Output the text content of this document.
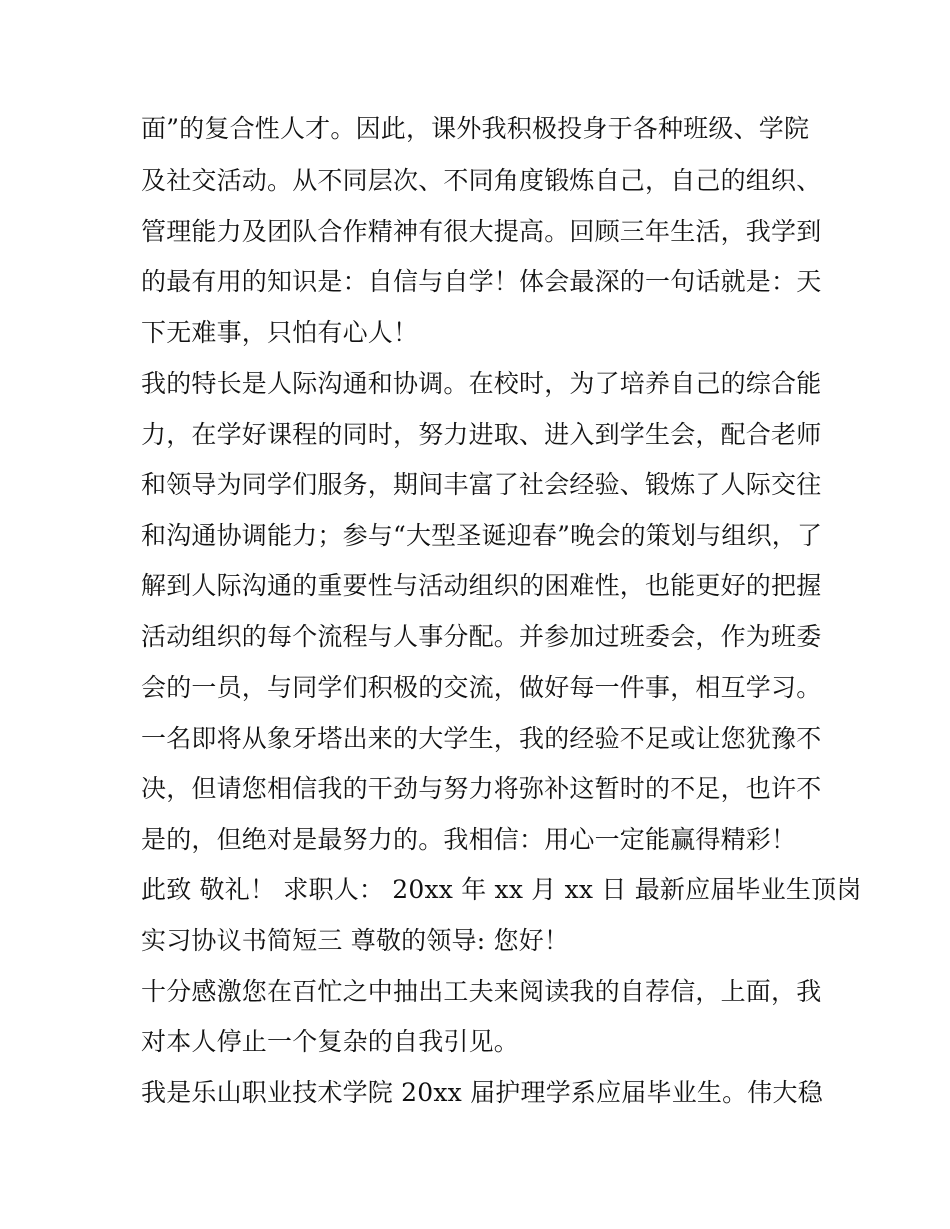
面”的复合性人才。因此，课外我积极投身于各种班级、学院
及社交活动。从不同层次、不同角度锻炼自己，自己的组织、
管理能力及团队合作精神有很大提高。回顾三年生活，我学到
的最有用的知识是：自信与自学！体会最深的一句话就是：天
下无难事，只怕有心人！
我的特长是人际沟通和协调。在校时，为了培养自己的综合能
力，在学好课程的同时，努力进取、进入到学生会，配合老师
和领导为同学们服务，期间丰富了社会经验、锻炼了人际交往
和沟通协调能力；参与“大型圣诞迎春”晚会的策划与组织，了
解到人际沟通的重要性与活动组织的困难性，也能更好的把握
活动组织的每个流程与人事分配。并参加过班委会，作为班委
会的一员，与同学们积极的交流，做好每一件事，相互学习。
一名即将从象牙塔出来的大学生，我的经验不足或让您犹豫不
决，但请您相信我的干劲与努力将弥补这暂时的不足，也许不
是的，但绝对是最努力的。我相信：用心一定能赢得精彩！
此致 敬礼！ 求职人： 20xx 年 xx 月 xx 日 最新应届毕业生顶岗
实习协议书简短三 尊敬的领导: 您好！
十分感激您在百忙之中抽出工夫来阅读我的自荐信，上面，我
对本人停止一个复杂的自我引见。
我是乐山职业技术学院 20xx 届护理学系应届毕业生。伟大稳
